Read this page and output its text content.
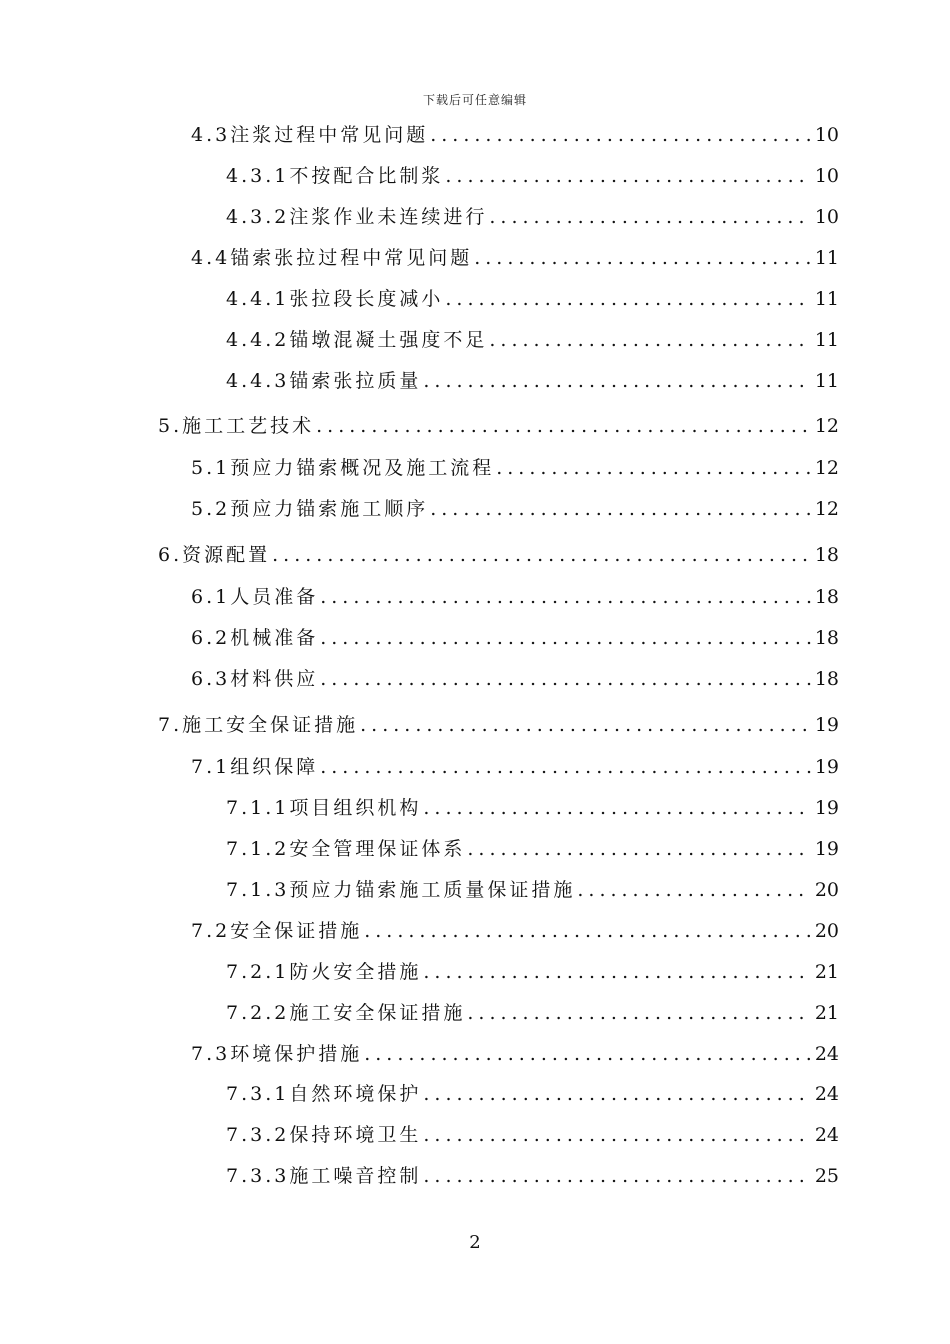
下载后可任意编辑
4.3注浆过程中常见问题 .....	10
4.3.1不按配合比制浆 .....	10
4.3.2注浆作业未连续进行 .....	10
4.4锚索张拉过程中常见问题 .....	11
4.4.1张拉段长度减小 .....	11
4.4.2锚墩混凝土强度不足 .....	11
4.4.3锚索张拉质量 .....	11
5.施工工艺技术 .....	12
5.1预应力锚索概况及施工流程 .....	12
5.2预应力锚索施工顺序 .....	12
6.资源配置 .....	18
6.1人员准备 .....	18
6.2机械准备 .....	18
6.3材料供应 .....	18
7.施工安全保证措施 .....	19
7.1组织保障 .....	19
7.1.1项目组织机构 .....	19
7.1.2安全管理保证体系 .....	19
7.1.3预应力锚索施工质量保证措施 .....	20
7.2安全保证措施 .....	20
7.2.1防火安全措施 .....	21
7.2.2施工安全保证措施 .....	21
7.3环境保护措施 .....	24
7.3.1自然环境保护 .....	24
7.3.2保持环境卫生 .....	24
7.3.3施工噪音控制 .....	25
2
